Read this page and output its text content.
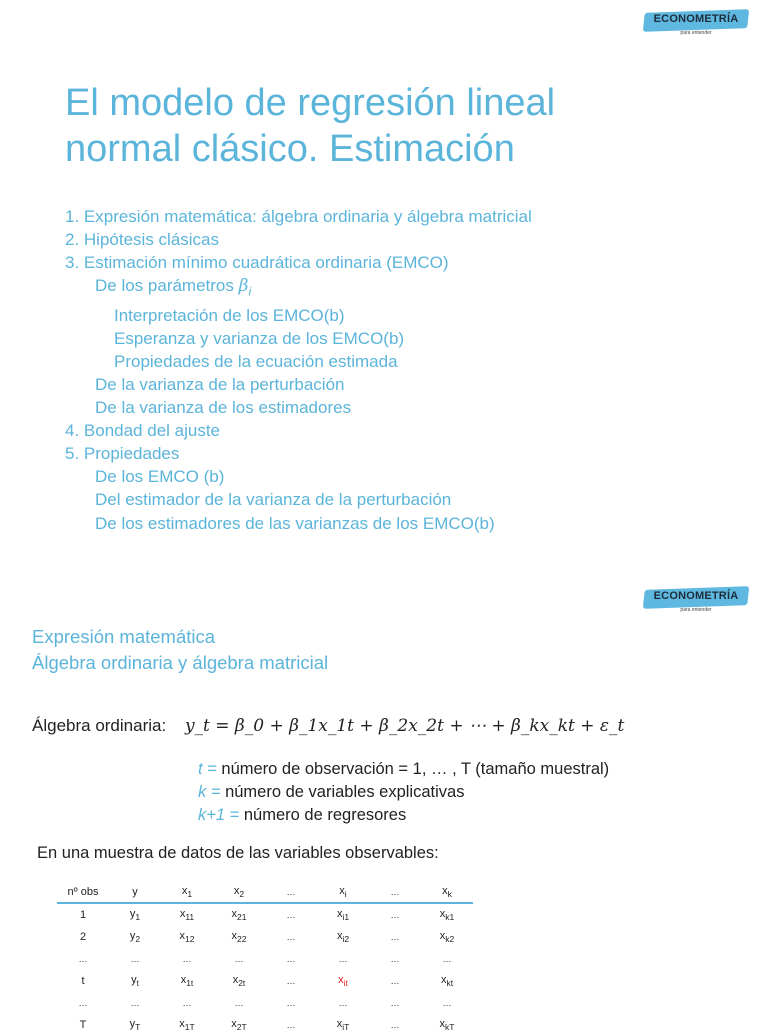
ECONOMETRÍA
para entender
El modelo de regresión lineal
normal clásico. Estimación
1. Expresión matemática: álgebra ordinaria y álgebra matricial
2. Hipótesis clásicas
3. Estimación mínimo cuadrática ordinaria (EMCO)
De los parámetros $\beta_i$
Interpretación de los EMCO(b)
Esperanza y varianza de los EMCO(b)
Propiedades de la ecuación estimada
De la varianza de la perturbación
De la varianza de los estimadores
4. Bondad del ajuste
5. Propiedades
De los EMCO (b)
Del estimador de la varianza de la perturbación
De los estimadores de las varianzas de los EMCO(b)
ECONOMETRÍA
para entender
Expresión matemática
Álgebra ordinaria y álgebra matricial
Álgebra ordinaria: y_t = β_0 + β_1x_1t + β_2x_2t + ⋯ + β_kx_kt + ε_t
t = número de observación = 1, … , T (tamaño muestral)
k = número de variables explicativas
k+1 = número de regresores
En una muestra de datos de las variables observables:
nº obs	y	$x_1$	$x_2$	…	$x_i$	…	$x_k$
1	$y_1$	$x_{11}$	$x_{21}$	…	$x_{i1}$	…	$x_{k1}$
2	$y_2$	$x_{12}$	$x_{22}$	…	$x_{i2}$	…	$x_{k2}$
…	…	…	…	…	…	…	…
t	$y_t$	$x_{1t}$	$x_{2t}$	…	$x_{it}$	…	$x_{kt}$
…	…	…	…	…	…	…	…
T	$y_T$	$x_{1T}$	$x_{2T}$	…	$x_{iT}$	…	$x_{kT}$
